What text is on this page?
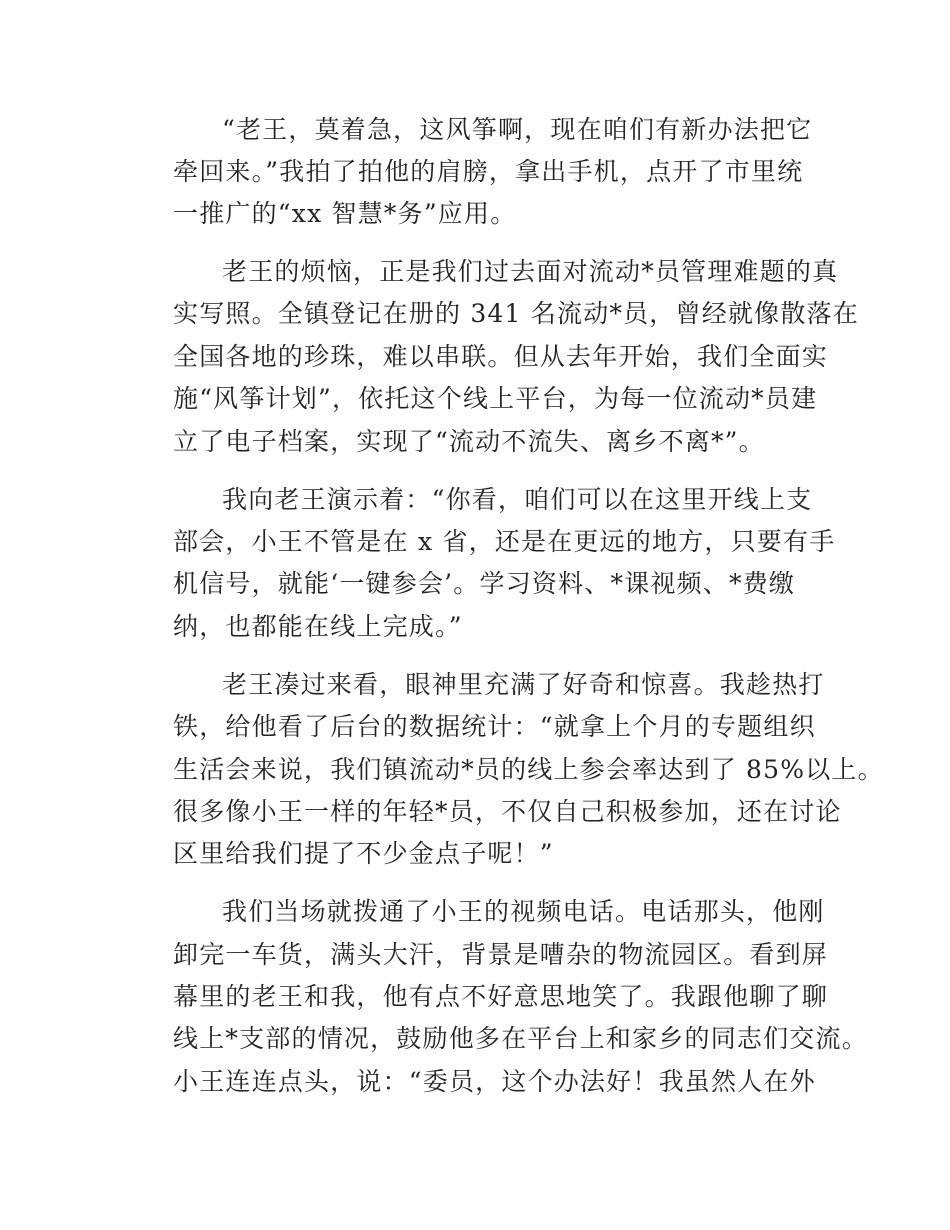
“老王，莫着急，这风筝啊，现在咱们有新办法把它

牵回来。”我拍了拍他的肩膀，拿出手机，点开了市里统

一推广的“xx 智慧*务”应用。

老王的烦恼，正是我们过去面对流动*员管理难题的真

实写照。全镇登记在册的 341 名流动*员，曾经就像散落在

全国各地的珍珠，难以串联。但从去年开始，我们全面实

施“风筝计划”，依托这个线上平台，为每一位流动*员建

立了电子档案，实现了“流动不流失、离乡不离*”。

我向老王演示着：“你看，咱们可以在这里开线上支

部会，小王不管是在 x 省，还是在更远的地方，只要有手

机信号，就能‘一键参会’。学习资料、*课视频、*费缴

纳，也都能在线上完成。”

老王凑过来看，眼神里充满了好奇和惊喜。我趁热打

铁，给他看了后台的数据统计：“就拿上个月的专题组织

生活会来说，我们镇流动*员的线上参会率达到了 85%以上。

很多像小王一样的年轻*员，不仅自己积极参加，还在讨论

区里给我们提了不少金点子呢！”

我们当场就拨通了小王的视频电话。电话那头，他刚

卸完一车货，满头大汗，背景是嘈杂的物流园区。看到屏

幕里的老王和我，他有点不好意思地笑了。我跟他聊了聊

线上*支部的情况，鼓励他多在平台上和家乡的同志们交流。

小王连连点头，说：“委员，这个办法好！我虽然人在外
